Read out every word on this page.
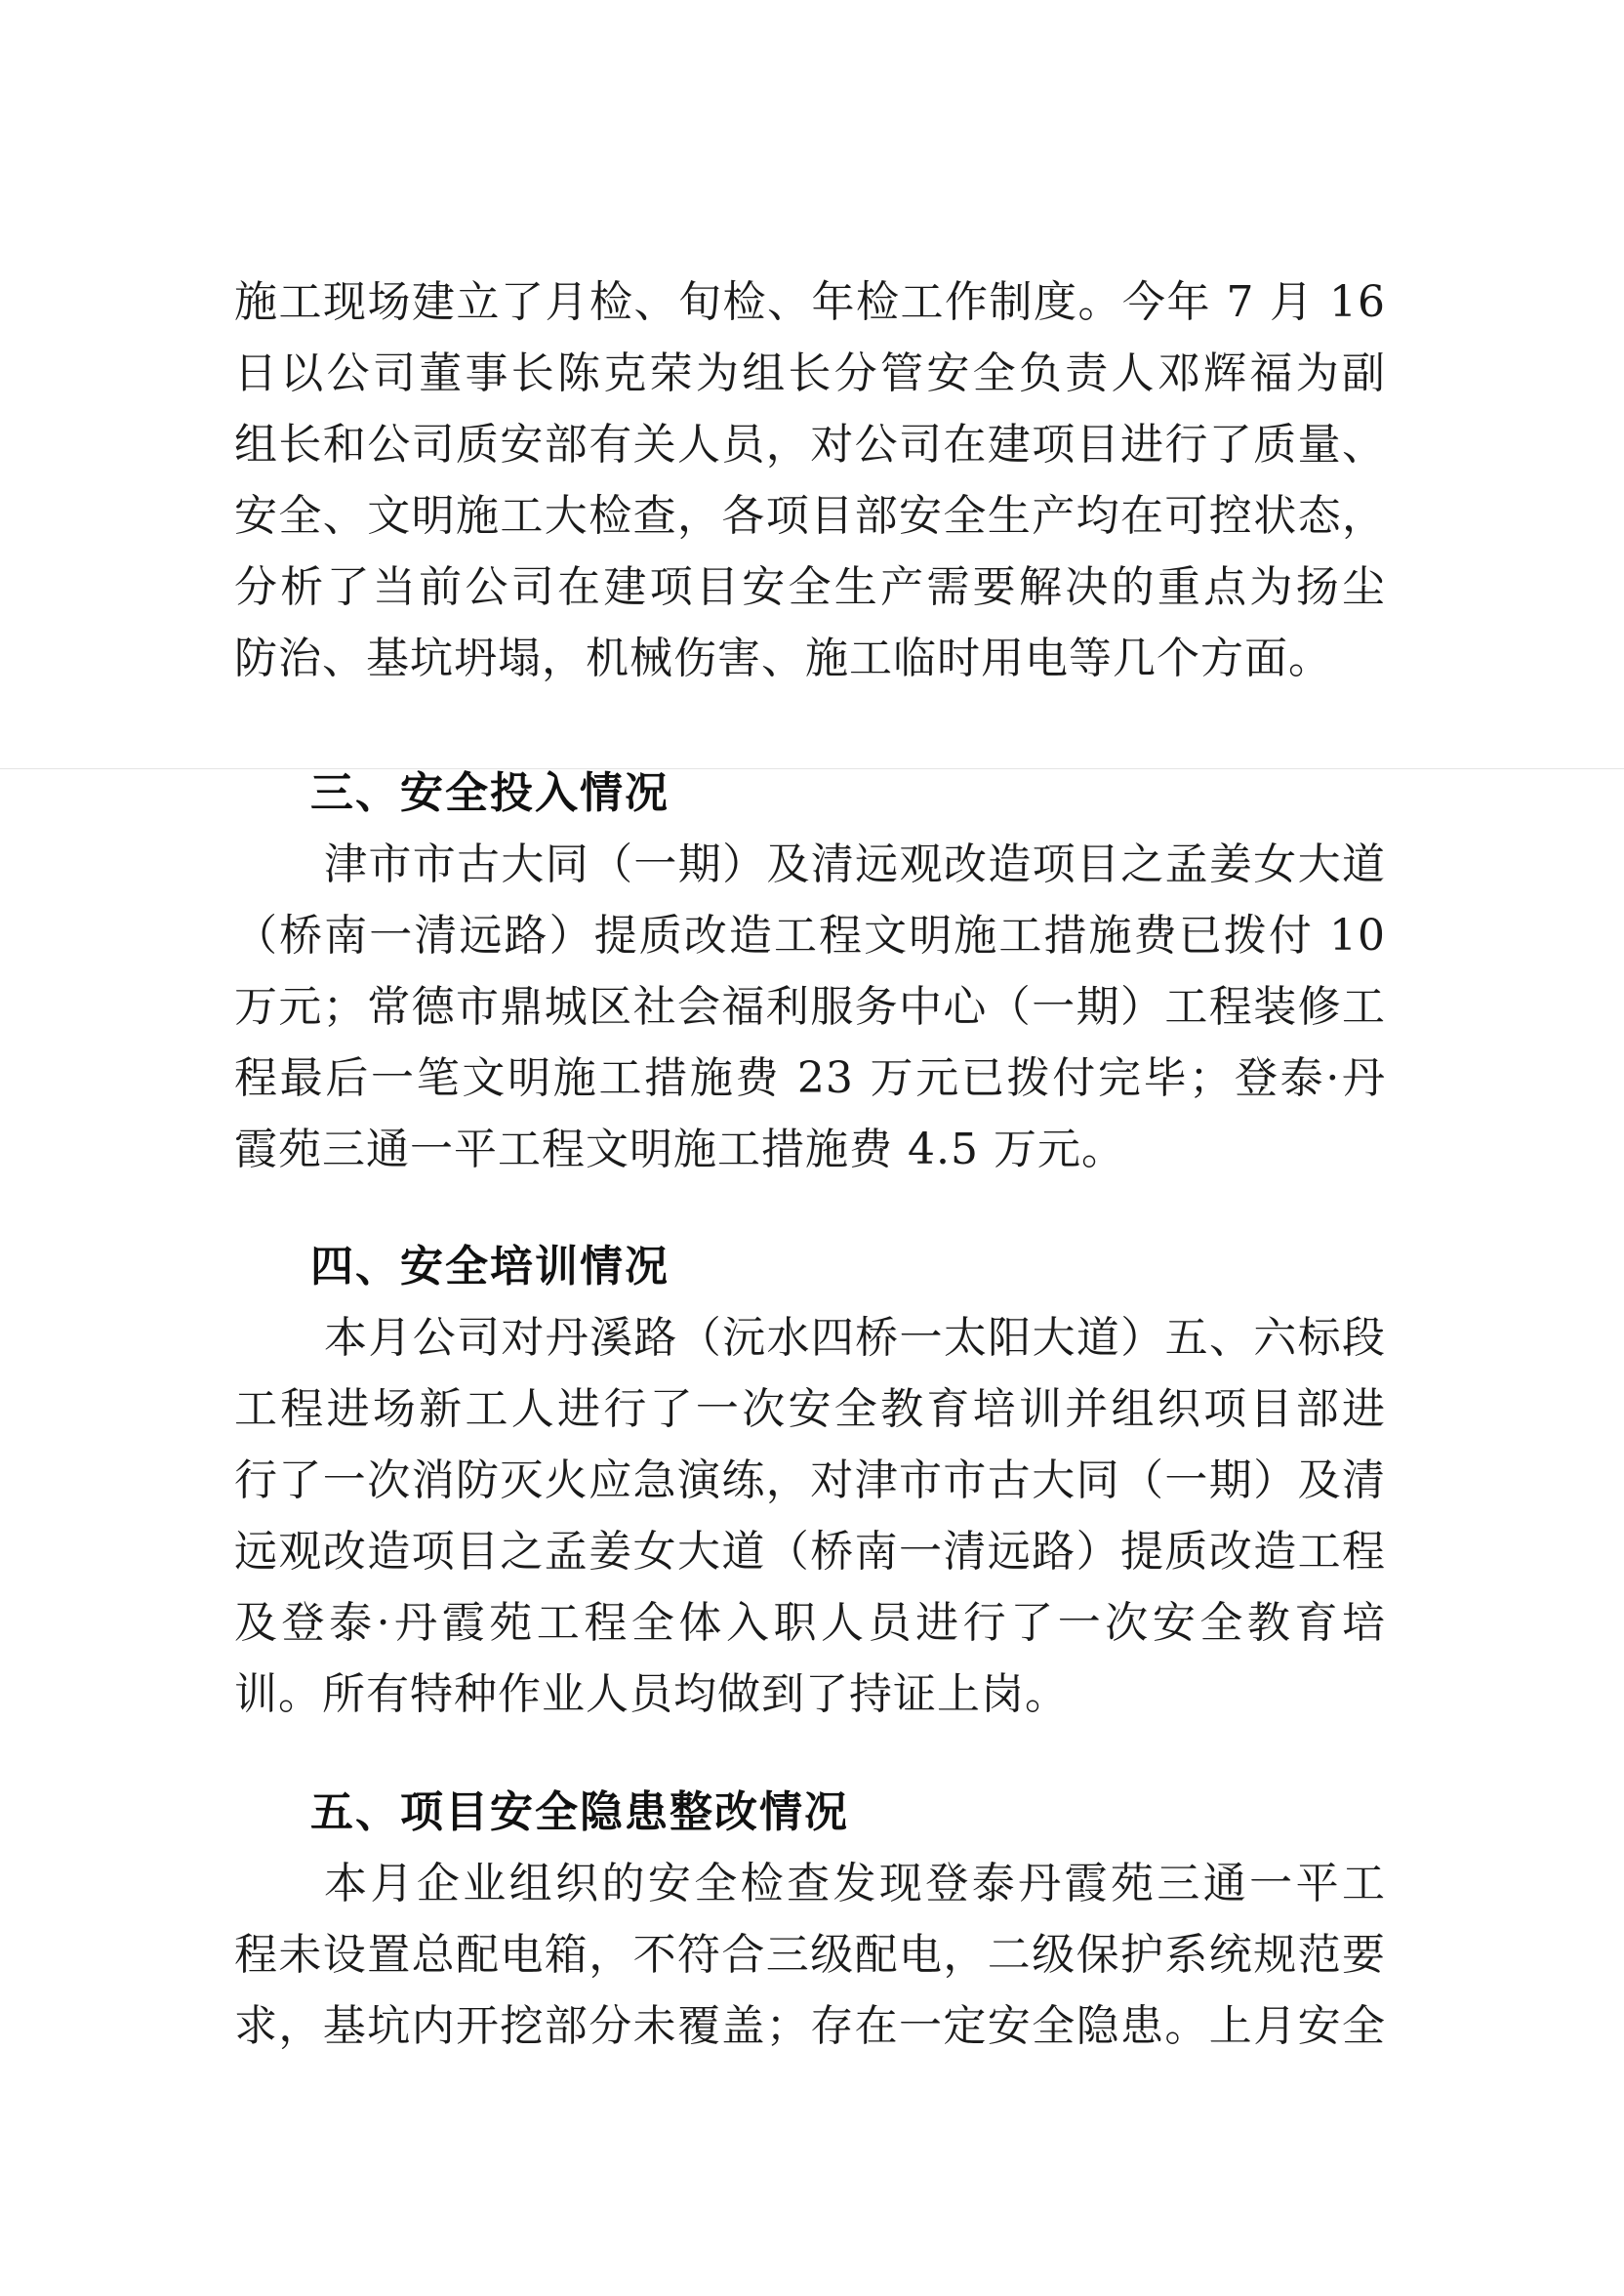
施工现场建立了月检、旬检、年检工作制度。今年 7 月 16
日以公司董事长陈克荣为组长分管安全负责人邓辉福为副
组长和公司质安部有关人员，对公司在建项目进行了质量、
安全、文明施工大检查，各项目部安全生产均在可控状态，
分析了当前公司在建项目安全生产需要解决的重点为扬尘
防治、基坑坍塌，机械伤害、施工临时用电等几个方面。
三、安全投入情况
津市市古大同（一期）及清远观改造项目之孟姜女大道
（桥南一清远路）提质改造工程文明施工措施费已拨付 10
万元；常德市鼎城区社会福利服务中心（一期）工程装修工
程最后一笔文明施工措施费 23 万元已拨付完毕；登泰·丹
霞苑三通一平工程文明施工措施费 4.5 万元。
四、安全培训情况
本月公司对丹溪路（沅水四桥一太阳大道）五、六标段
工程进场新工人进行了一次安全教育培训并组织项目部进
行了一次消防灭火应急演练，对津市市古大同（一期）及清
远观改造项目之孟姜女大道（桥南一清远路）提质改造工程
及登泰·丹霞苑工程全体入职人员进行了一次安全教育培
训。所有特种作业人员均做到了持证上岗。
五、项目安全隐患整改情况
本月企业组织的安全检查发现登泰丹霞苑三通一平工
程未设置总配电箱，不符合三级配电，二级保护系统规范要
求，基坑内开挖部分未覆盖；存在一定安全隐患。上月安全
